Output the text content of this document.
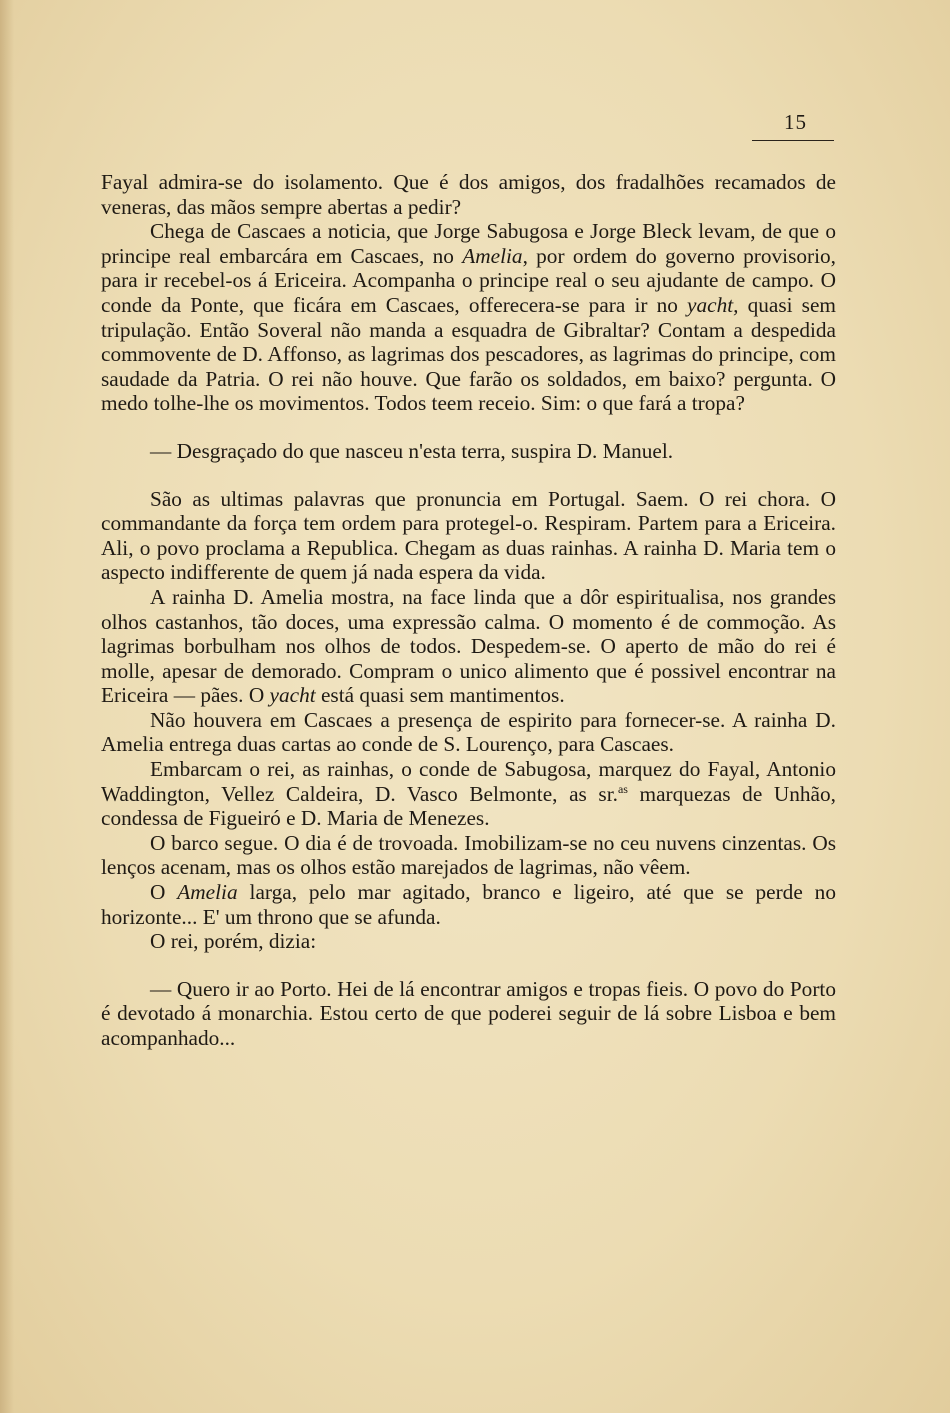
15

Fayal admira-se do isolamento. Que é dos amigos, dos fradalhões recamados de veneras, das mãos sempre abertas a pedir?

Chega de Cascaes a noticia, que Jorge Sabugosa e Jorge Bleck levam, de que o principe real embarcára em Cascaes, no Amelia, por ordem do governo provisorio, para ir recebel-os á Ericeira. Acompanha o principe real o seu ajudante de campo. O conde da Ponte, que ficára em Cascaes, offerecera-se para ir no yacht, quasi sem tripulação. Então Soveral não manda a esquadra de Gibraltar? Contam a despedida commovente de D. Affonso, as lagrimas dos pescadores, as lagrimas do principe, com saudade da Patria. O rei não houve. Que farão os soldados, em baixo? pergunta. O medo tolhe-lhe os movimentos. Todos teem receio. Sim: o que fará a tropa?

— Desgraçado do que nasceu n'esta terra, suspira D. Manuel.

São as ultimas palavras que pronuncia em Portugal. Saem. O rei chora. O commandante da força tem ordem para protegel-o. Respiram. Partem para a Ericeira. Ali, o povo proclama a Republica. Chegam as duas rainhas. A rainha D. Maria tem o aspecto indifferente de quem já nada espera da vida.

A rainha D. Amelia mostra, na face linda que a dôr espiritualisa, nos grandes olhos castanhos, tão doces, uma expressão calma. O momento é de commoção. As lagrimas borbulham nos olhos de todos. Despedem-se. O aperto de mão do rei é molle, apesar de demorado. Compram o unico alimento que é possivel encontrar na Ericeira — pães. O yacht está quasi sem mantimentos.

Não houvera em Cascaes a presença de espirito para fornecer-se. A rainha D. Amelia entrega duas cartas ao conde de S. Lourenço, para Cascaes.

Embarcam o rei, as rainhas, o conde de Sabugosa, marquez do Fayal, Antonio Waddington, Vellez Caldeira, D. Vasco Belmonte, as sr.$^{as}$ marquezas de Unhão, condessa de Figueiró e D. Maria de Menezes.

O barco segue. O dia é de trovoada. Imobilizam-se no ceu nuvens cinzentas. Os lenços acenam, mas os olhos estão marejados de lagrimas, não vêem.

O Amelia larga, pelo mar agitado, branco e ligeiro, até que se perde no horizonte... E' um throno que se afunda.

O rei, porém, dizia:

— Quero ir ao Porto. Hei de lá encontrar amigos e tropas fieis. O povo do Porto é devotado á monarchia. Estou certo de que poderei seguir de lá sobre Lisboa e bem acompanhado...
